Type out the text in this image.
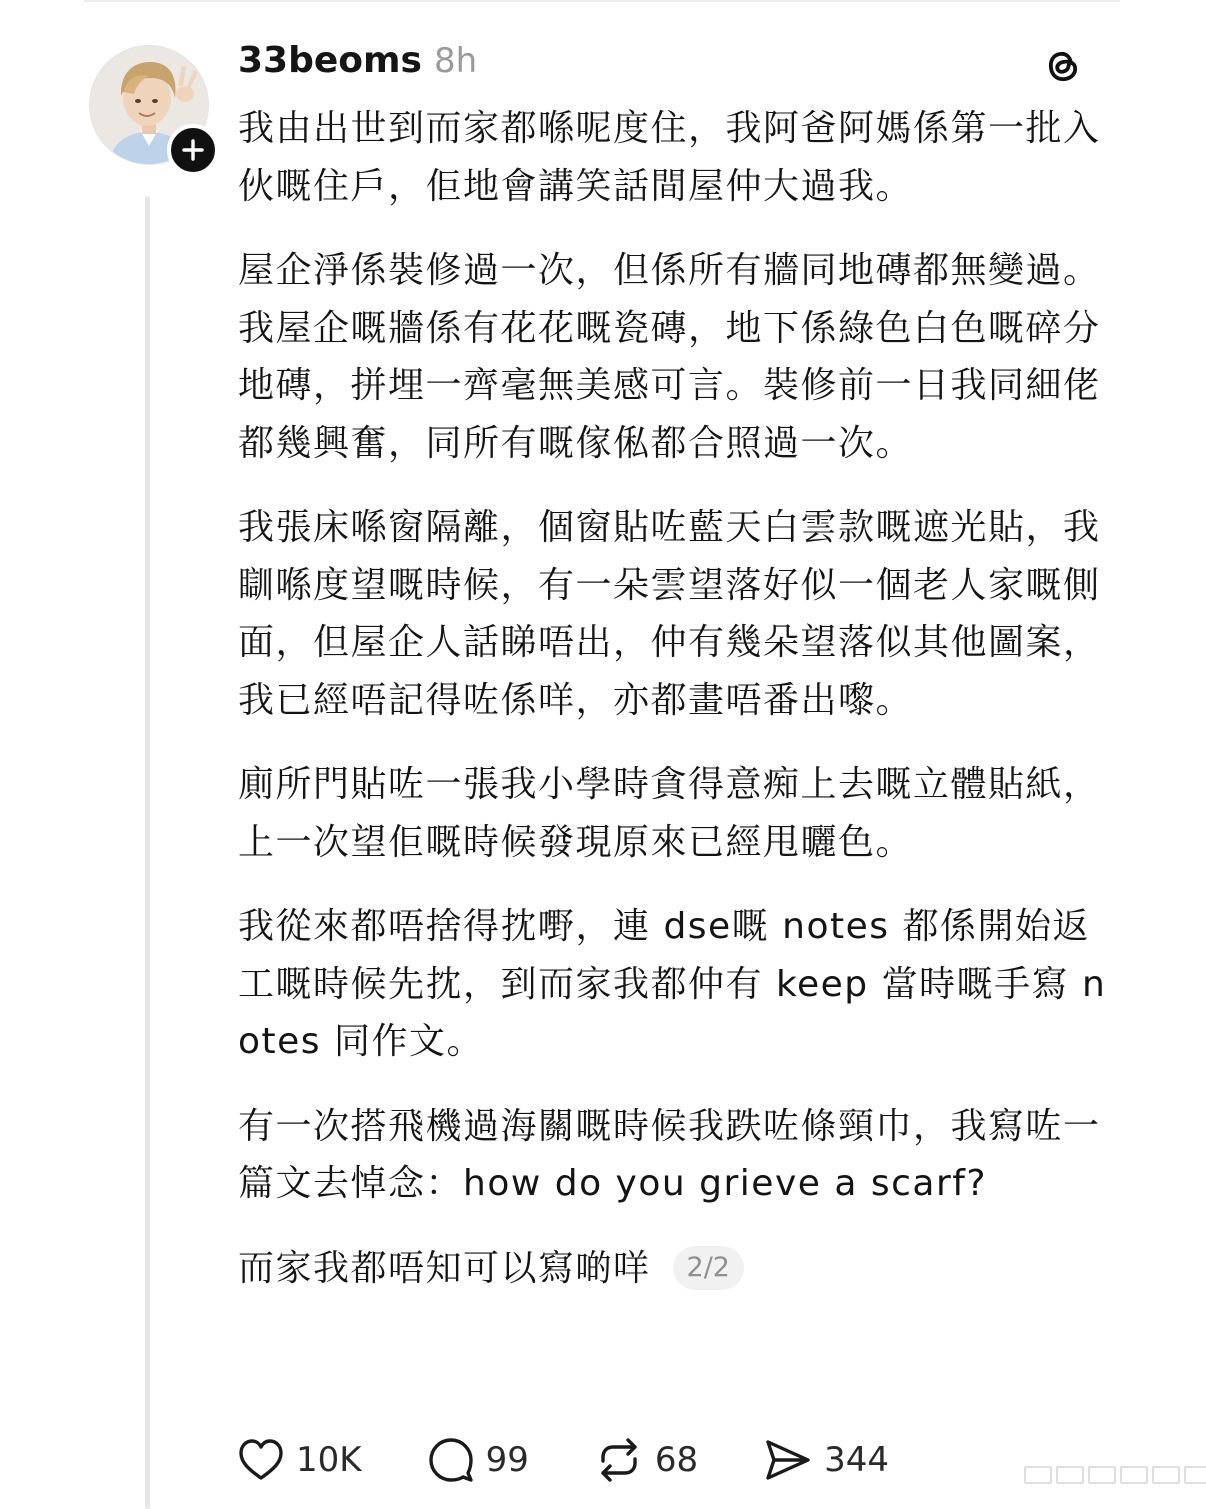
33beoms 8h

我由出世到而家都喺呢度住，我阿爸阿媽係第一批入伙嘅住戶，佢地會講笑話間屋仲大過我。

屋企淨係裝修過一次，但係所有牆同地磚都無變過。我屋企嘅牆係有花花嘅瓷磚，地下係綠色白色嘅碎分地磚，拼埋一齊毫無美感可言。裝修前一日我同細佬都幾興奮，同所有嘅傢俬都合照過一次。

我張床喺窗隔離，個窗貼咗藍天白雲款嘅遮光貼，我瞓喺度望嘅時候，有一朵雲望落好似一個老人家嘅側面，但屋企人話睇唔出，仲有幾朵望落似其他圖案，我已經唔記得咗係咩，亦都畫唔番出嚟。

廁所門貼咗一張我小學時貪得意痴上去嘅立體貼紙，上一次望佢嘅時候發現原來已經甩曬色。

我從來都唔捨得抌嘢，連 dse嘅 notes 都係開始返工嘅時候先抌，到而家我都仲有 keep 當時嘅手寫 notes 同作文。

有一次搭飛機過海關嘅時候我跌咗條頸巾，我寫咗一篇文去悼念：how do you grieve a scarf?

而家我都唔知可以寫啲咩	2/2
10K	99	68	344
